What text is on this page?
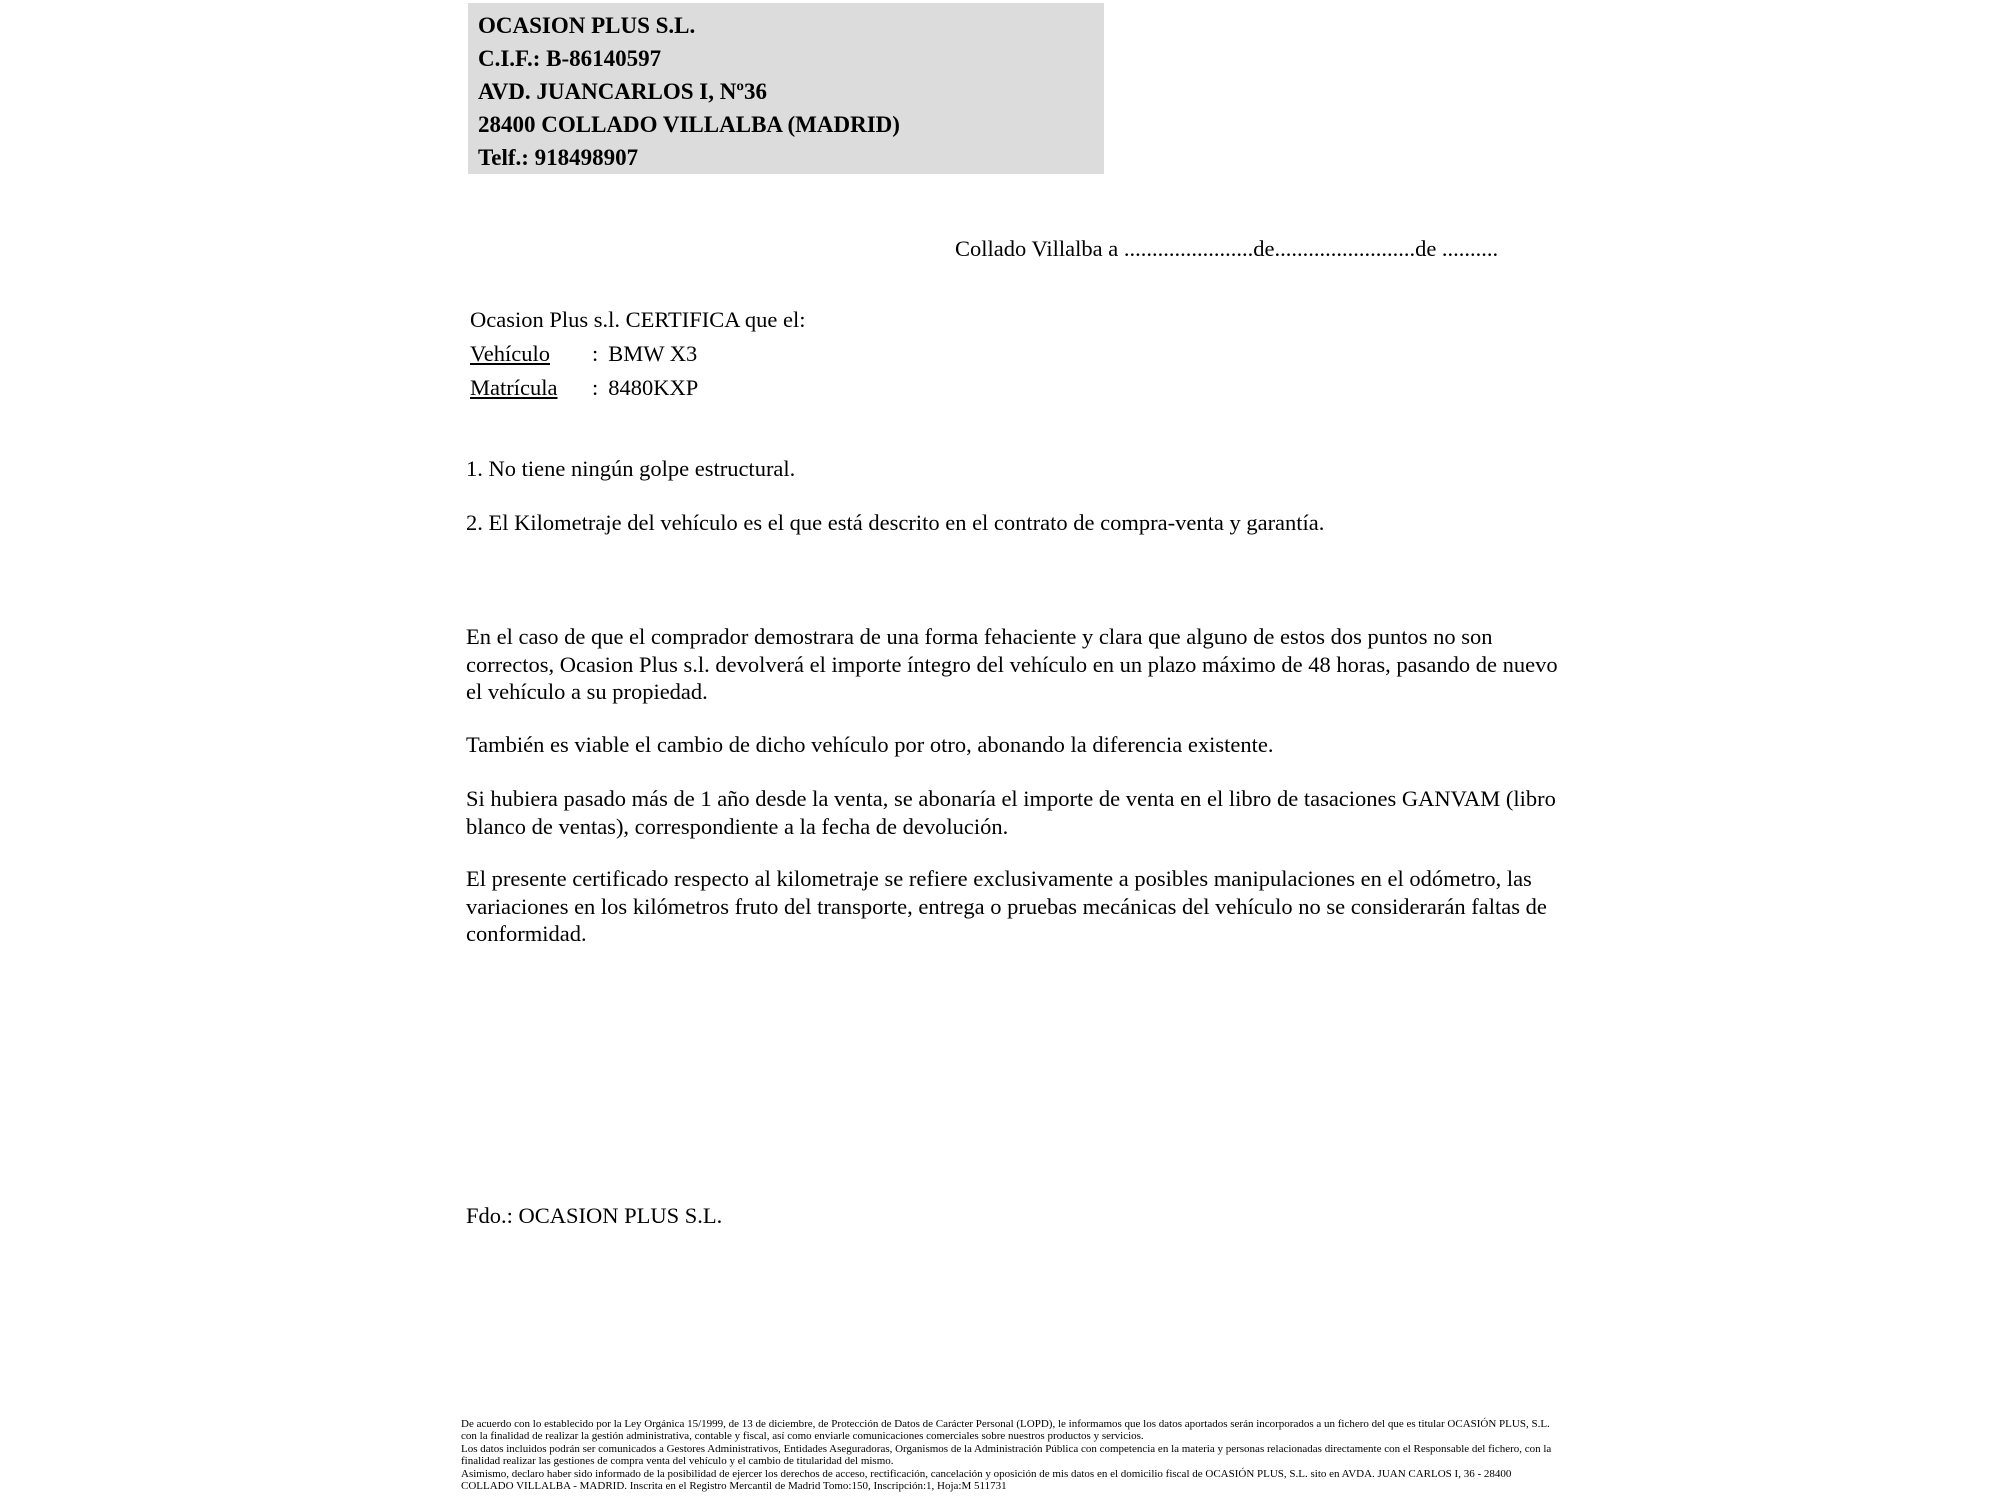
OCASION PLUS S.L.
C.I.F.: B-86140597
AVD. JUANCARLOS I, Nº36
28400 COLLADO VILLALBA (MADRID)
Telf.: 918498907
Collado Villalba a .......................de.........................de ..........
Ocasion Plus s.l. CERTIFICA que el:
Vehículo : BMW X3
Matrícula : 8480KXP
1. No tiene ningún golpe estructural.
2. El Kilometraje del vehículo es el que está descrito en el contrato de compra-venta y garantía.
En el caso de que el comprador demostrara de una forma fehaciente y clara que alguno de estos dos puntos no son correctos, Ocasion Plus s.l. devolverá el importe íntegro del vehículo en un plazo máximo de 48 horas, pasando de nuevo el vehículo a su propiedad.
También es viable el cambio de dicho vehículo por otro, abonando la diferencia existente.
Si hubiera pasado más de 1 año desde la venta, se abonaría el importe de venta en el libro de tasaciones GANVAM (libro blanco de ventas), correspondiente a la fecha de devolución.
El presente certificado respecto al kilometraje se refiere exclusivamente a posibles manipulaciones en el odómetro, las variaciones en los kilómetros fruto del transporte, entrega o pruebas mecánicas del vehículo no se considerarán faltas de conformidad.
Fdo.: OCASION PLUS S.L.

De acuerdo con lo establecido por la Ley Orgánica 15/1999, de 13 de diciembre, de Protección de Datos de Carácter Personal (LOPD), le informamos que los datos aportados serán incorporados a un fichero del que es titular OCASIÓN PLUS, S.L. con la finalidad de realizar la gestión administrativa, contable y fiscal, así como enviarle comunicaciones comerciales sobre nuestros productos y servicios.

Los datos incluidos podrán ser comunicados a Gestores Administrativos, Entidades Aseguradoras, Organismos de la Administración Pública con competencia en la materia y personas relacionadas directamente con el Responsable del fichero, con la finalidad realizar las gestiones de compra venta del vehículo y el cambio de titularidad del mismo.

Asimismo, declaro haber sido informado de la posibilidad de ejercer los derechos de acceso, rectificación, cancelación y oposición de mis datos en el domicilio fiscal de OCASIÓN PLUS, S.L. sito en AVDA. JUAN CARLOS I, 36 - 28400 COLLADO VILLALBA - MADRID. Inscrita en el Registro Mercantil de Madrid Tomo:150, Inscripción:1, Hoja:M 511731
